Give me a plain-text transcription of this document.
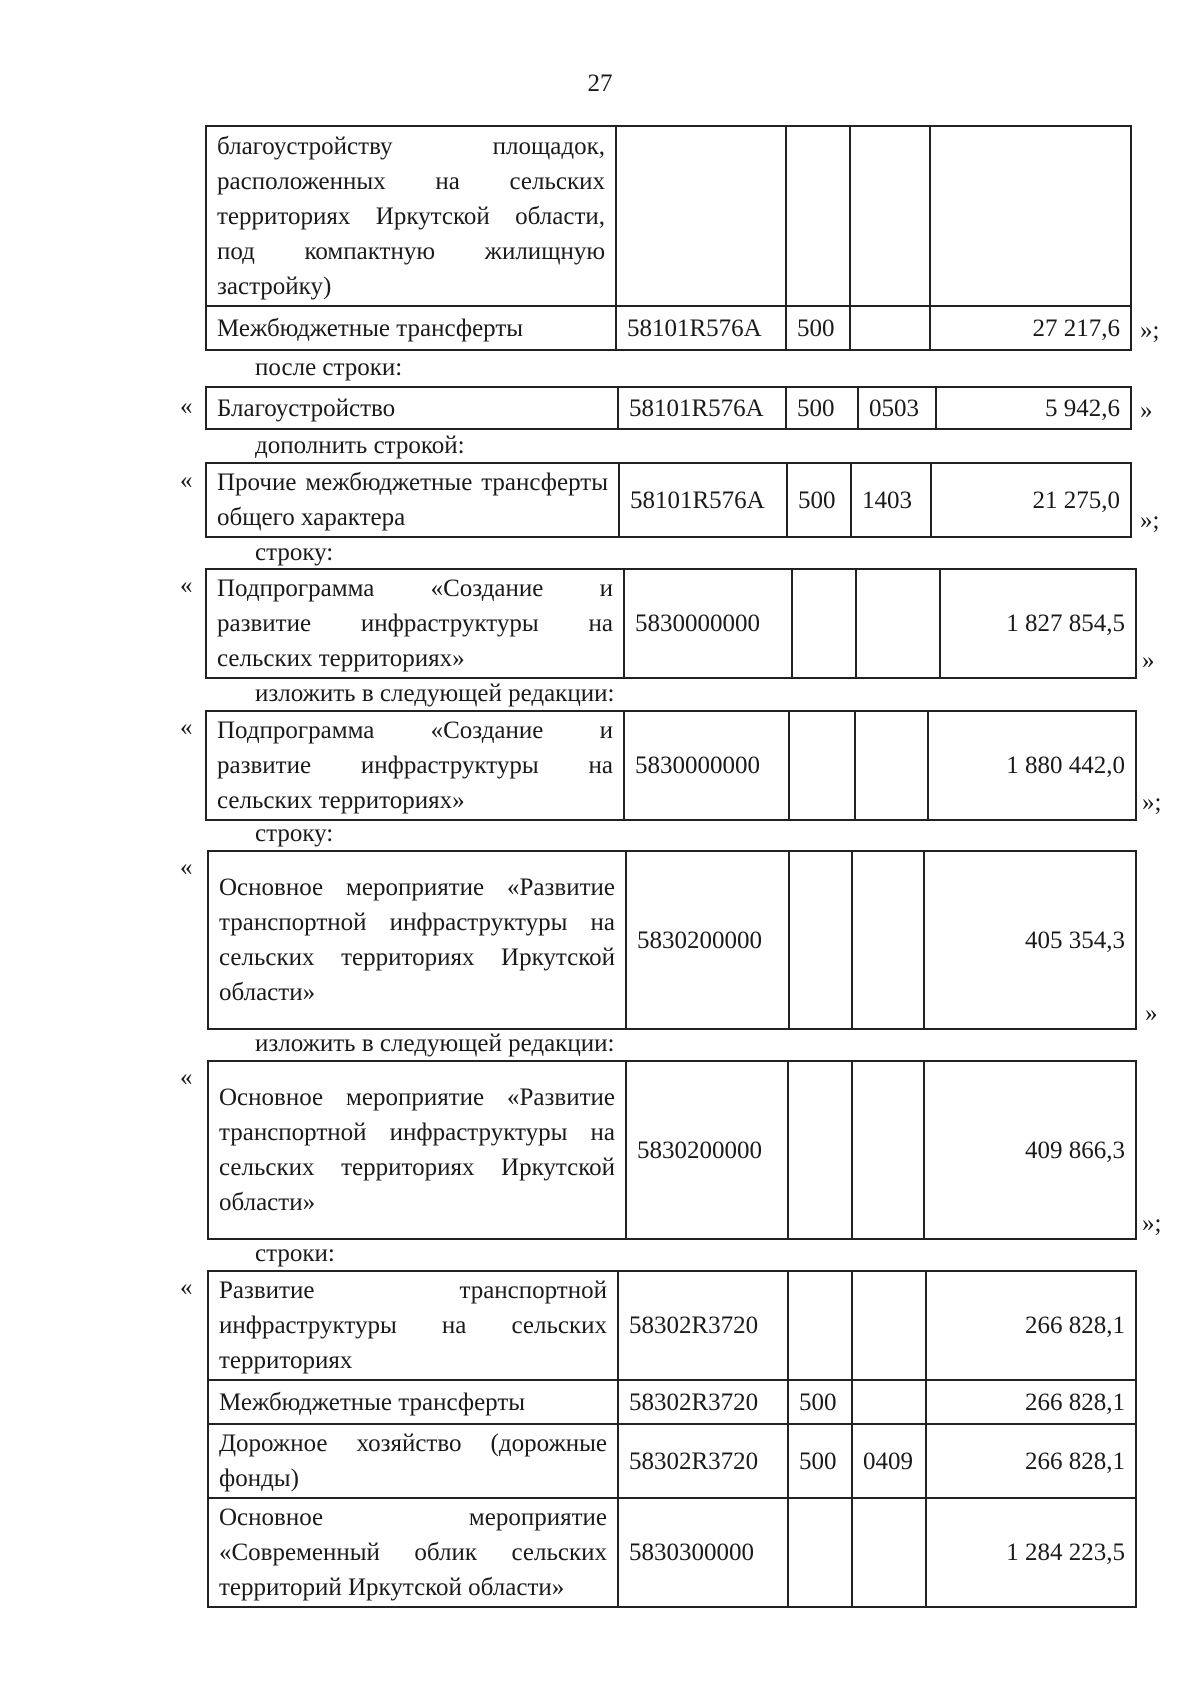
27
благоустройству площадок, расположенных на сельских территориях Иркутской области, под компактную жилищную застройку)				
Межбюджетные трансферты	58101R576A	500		27 217,6 »;
после строки:
« Благоустройство	58101R576A	500	0503	5 942,6 »
дополнить строкой:
« Прочие межбюджетные трансферты общего характера	58101R576A	500	1403	21 275,0
»;
строку:
« Подпрограмма «Создание и развитие инфраструктуры на сельских территориях»	5830000000			1 827 854,5
»
изложить в следующей редакции:
« Подпрограмма «Создание и развитие инфраструктуры на сельских территориях»	5830000000			1 880 442,0
»;
строку:
«
Основное мероприятие «Развитие транспортной инфраструктуры на сельских территориях Иркутской области»	5830200000			405 354,3
»
изложить в следующей редакции:
«
Основное мероприятие «Развитие транспортной инфраструктуры на сельских территориях Иркутской области»	5830200000			409 866,3
»;
строки:
« Развитие транспортной инфраструктуры на сельских территориях	58302R3720			266 828,1
Межбюджетные трансферты	58302R3720	500		266 828,1
Дорожное хозяйство (дорожные фонды)	58302R3720	500	0409	266 828,1
Основное мероприятие «Современный облик сельских территорий Иркутской области»	5830300000			1 284 223,5
